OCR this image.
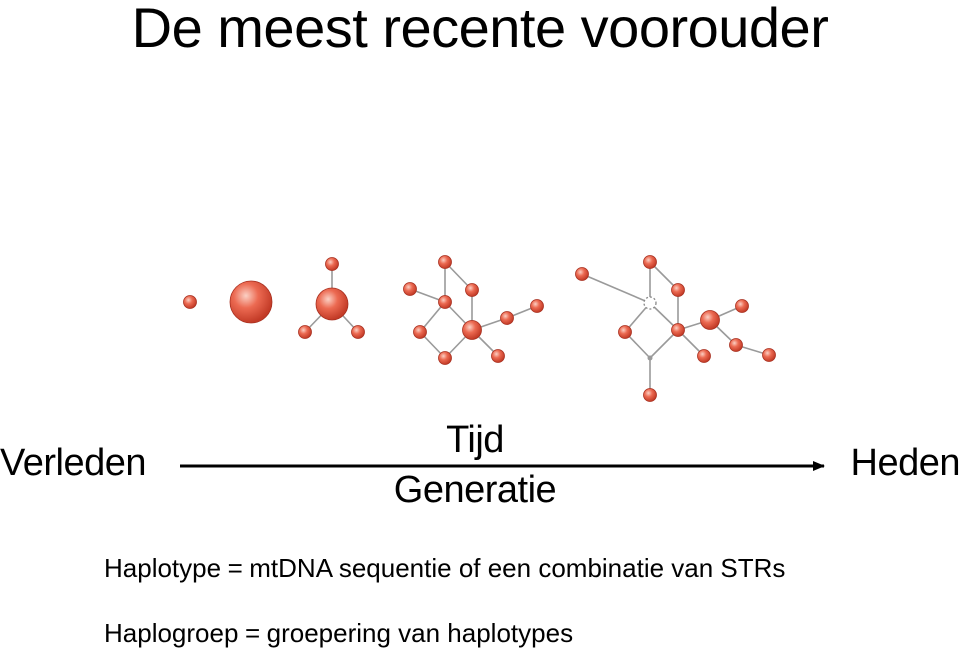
De meest recente voorouder
Verleden
Tijd
Generatie
Heden
Haplotype = mtDNA sequentie of een combinatie van STRs
Haplogroep = groepering van haplotypes
